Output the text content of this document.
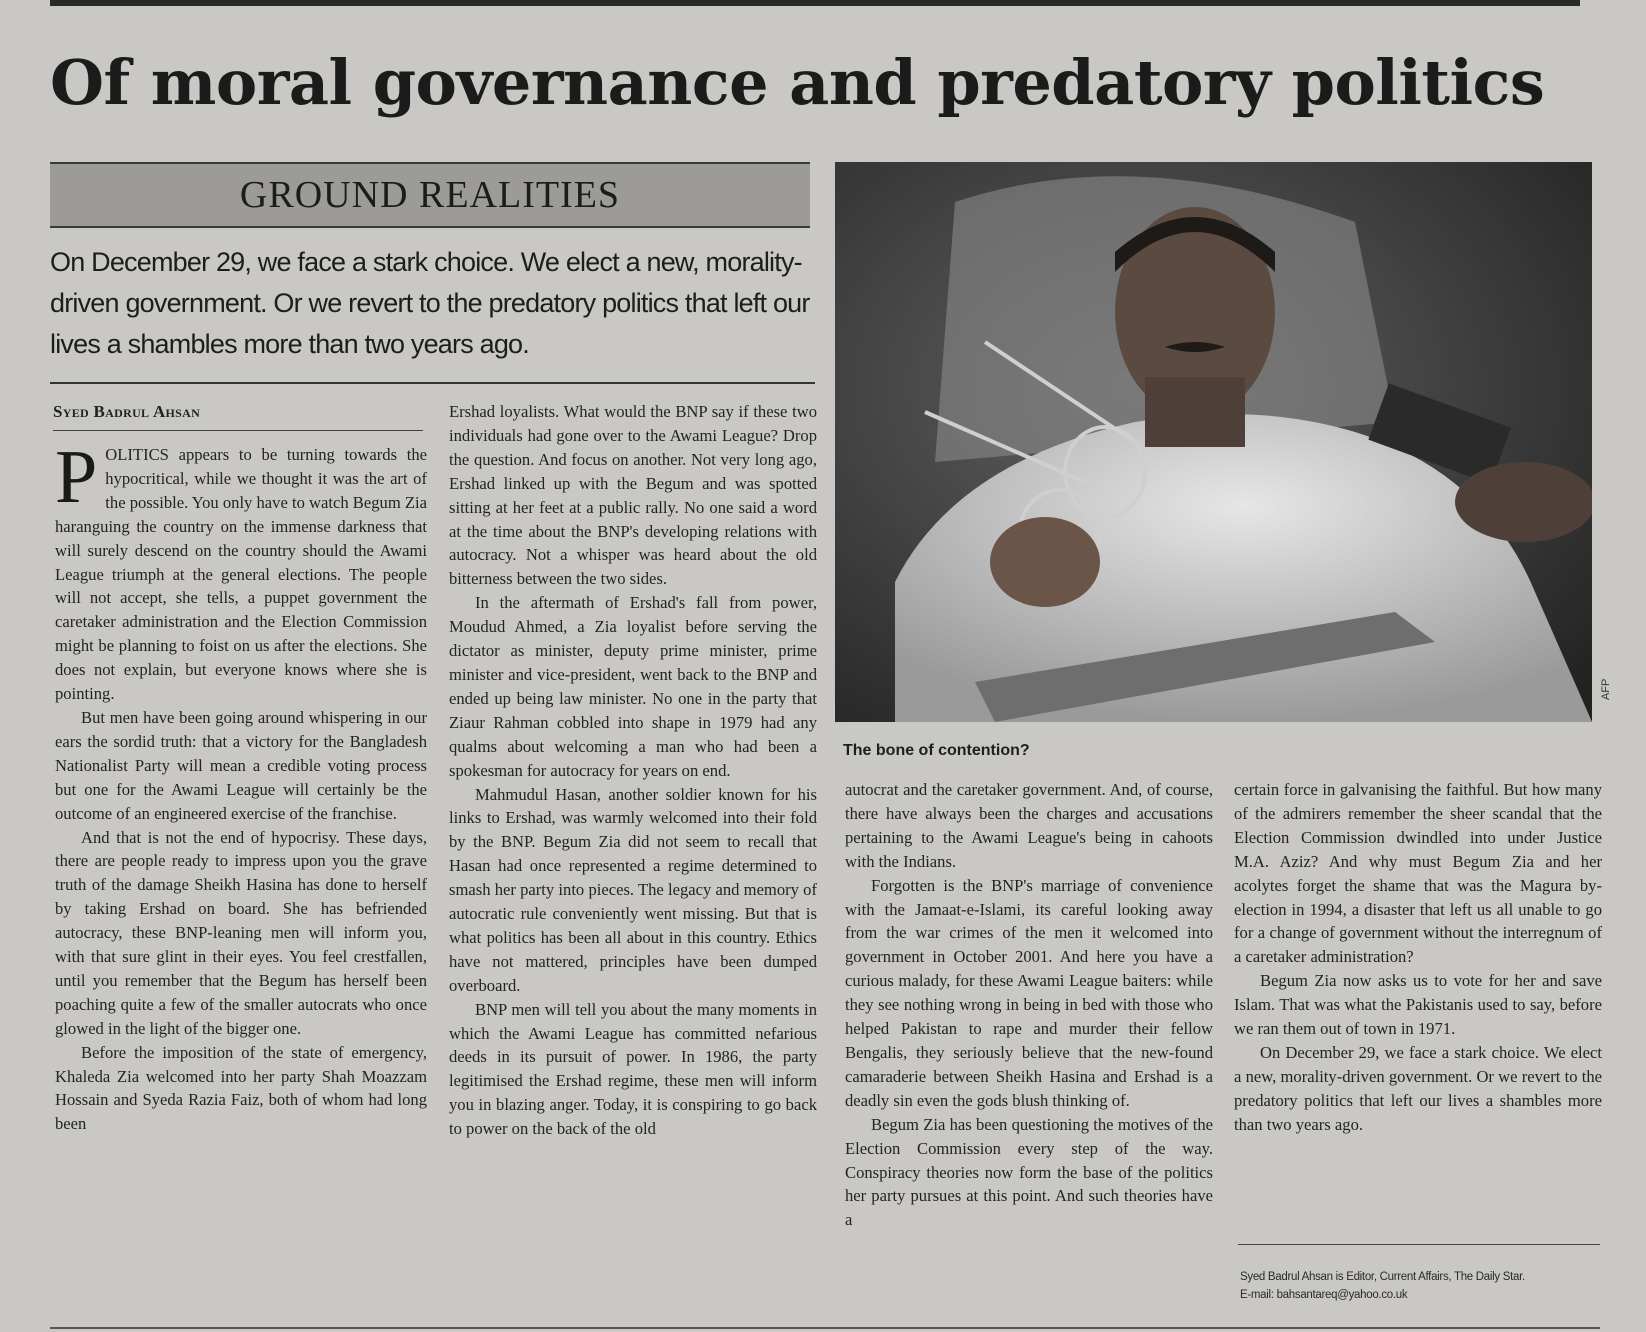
Of moral governance and predatory politics
GROUND REALITIES
On December 29, we face a stark choice. We elect a new, morality-driven government. Or we revert to the predatory politics that left our lives a shambles more than two years ago.
Syed Badrul Ahsan

POLITICS appears to be turning towards the hypocritical, while we thought it was the art of the possible. You only have to watch Begum Zia haranguing the country on the immense darkness that will surely descend on the country should the Awami League triumph at the general elections. The people will not accept, she tells, a puppet government the caretaker administration and the Election Commission might be planning to foist on us after the elections. She does not explain, but everyone knows where she is pointing.

But men have been going around whispering in our ears the sordid truth: that a victory for the Bangladesh Nationalist Party will mean a credible voting process but one for the Awami League will certainly be the outcome of an engineered exercise of the franchise.

And that is not the end of hypocrisy. These days, there are people ready to impress upon you the grave truth of the damage Sheikh Hasina has done to herself by taking Ershad on board. She has befriended autocracy, these BNP-leaning men will inform you, with that sure glint in their eyes. You feel crestfallen, until you remember that the Begum has herself been poaching quite a few of the smaller autocrats who once glowed in the light of the bigger one.

Before the imposition of the state of emergency, Khaleda Zia welcomed into her party Shah Moazzam Hossain and Syeda Razia Faiz, both of whom had long been

Ershad loyalists. What would the BNP say if these two individuals had gone over to the Awami League? Drop the question. And focus on another. Not very long ago, Ershad linked up with the Begum and was spotted sitting at her feet at a public rally. No one said a word at the time about the BNP's developing relations with autocracy. Not a whisper was heard about the old bitterness between the two sides.

In the aftermath of Ershad's fall from power, Moudud Ahmed, a Zia loyalist before serving the dictator as minister, deputy prime minister, prime minister and vice-president, went back to the BNP and ended up being law minister. No one in the party that Ziaur Rahman cobbled into shape in 1979 had any qualms about welcoming a man who had been a spokesman for autocracy for years on end.

Mahmudul Hasan, another soldier known for his links to Ershad, was warmly welcomed into their fold by the BNP. Begum Zia did not seem to recall that Hasan had once represented a regime determined to smash her party into pieces. The legacy and memory of autocratic rule conveniently went missing. But that is what politics has been all about in this country. Ethics have not mattered, principles have been dumped overboard.

BNP men will tell you about the many moments in which the Awami League has committed nefarious deeds in its pursuit of power. In 1986, the party legitimised the Ershad regime, these men will inform you in blazing anger. Today, it is conspiring to go back to power on the back of the old

AFP
The bone of contention?

autocrat and the caretaker government. And, of course, there have always been the charges and accusations pertaining to the Awami League's being in cahoots with the Indians.

Forgotten is the BNP's marriage of convenience with the Jamaat-e-Islami, its careful looking away from the war crimes of the men it welcomed into government in October 2001. And here you have a curious malady, for these Awami League baiters: while they see nothing wrong in being in bed with those who helped Pakistan to rape and murder their fellow Bengalis, they seriously believe that the new-found camaraderie between Sheikh Hasina and Ershad is a deadly sin even the gods blush thinking of.

Begum Zia has been questioning the motives of the Election Commission every step of the way. Conspiracy theories now form the base of the politics her party pursues at this point. And such theories have a

certain force in galvanising the faithful. But how many of the admirers remember the sheer scandal that the Election Commission dwindled into under Justice M.A. Aziz? And why must Begum Zia and her acolytes forget the shame that was the Magura by-election in 1994, a disaster that left us all unable to go for a change of government without the interregnum of a caretaker administration?

Begum Zia now asks us to vote for her and save Islam. That was what the Pakistanis used to say, before we ran them out of town in 1971.

On December 29, we face a stark choice. We elect a new, morality-driven government. Or we revert to the predatory politics that left our lives a shambles more than two years ago.

Syed Badrul Ahsan is Editor, Current Affairs, The Daily Star.
E-mail: bahsantareq@yahoo.co.uk
